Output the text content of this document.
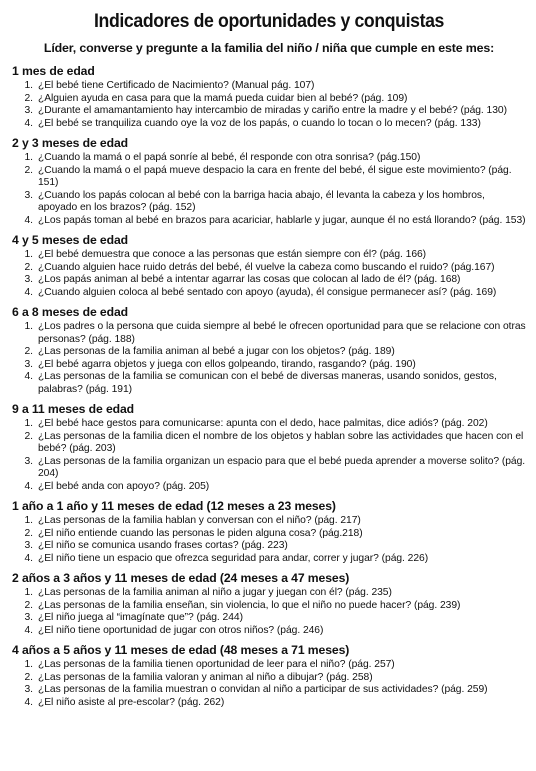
Indicadores de oportunidades y conquistas
Líder, converse y pregunte a la familia del niño / niña que cumple en este mes:
1 mes de edad
1. ¿El bebé tiene Certificado de Nacimiento? (Manual pág. 107)
2. ¿Alguien ayuda en casa para que la mamá pueda cuidar bien al bebé? (pág. 109)
3. ¿Durante el amamantamiento hay intercambio de miradas y cariño entre la madre y el bebé? (pág. 130)
4. ¿El bebé se tranquiliza cuando oye la voz de los papás, o cuando lo tocan o lo mecen? (pág. 133)
2 y 3 meses de edad
1. ¿Cuando la mamá o el papá sonríe al bebé, él responde con otra sonrisa? (pág.150)
2. ¿Cuando la mamá o el papá mueve despacio la cara en frente del bebé, él sigue este movimiento? (pág. 151)
3. ¿Cuando los papás colocan al bebé con la barriga hacia abajo, él levanta la cabeza y los hombros, apoyado en los brazos? (pág. 152)
4. ¿Los papás toman al bebé en brazos para acariciar, hablarle y jugar, aunque él no está llorando? (pág. 153)
4 y 5 meses de edad
1. ¿El bebé demuestra que conoce a las personas que están siempre con él? (pág. 166)
2. ¿Cuando alguien hace ruido detrás del bebé, él vuelve la cabeza como buscando el ruido? (pág.167)
3. ¿Los papás animan al bebé a intentar agarrar las cosas que colocan al lado de él? (pág. 168)
4. ¿Cuando alguien coloca al bebé sentado con apoyo (ayuda), él consigue permanecer así? (pág. 169)
6 a 8 meses de edad
1. ¿Los padres o la persona que cuida siempre al bebé le ofrecen oportunidad para que se relacione con otras personas? (pág. 188)
2. ¿Las personas de la familia animan al bebé a jugar con los objetos? (pág. 189)
3. ¿El bebé agarra objetos y juega con ellos golpeando, tirando, rasgando? (pág. 190)
4. ¿Las personas de la familia se comunican con el bebé de diversas maneras, usando sonidos, gestos, palabras? (pág. 191)
9 a 11 meses de edad
1. ¿El bebé hace gestos para comunicarse: apunta con el dedo, hace palmitas, dice adiós? (pág. 202)
2. ¿Las personas de la familia dicen el nombre de los objetos y hablan sobre las actividades que hacen con el bebé? (pág. 203)
3. ¿Las personas de la familia organizan un espacio para que el bebé pueda aprender a moverse solito? (pág. 204)
4. ¿El bebé anda con apoyo? (pág. 205)
1 año a 1 año y 11 meses de edad (12 meses a 23 meses)
1. ¿Las personas de la familia hablan y conversan con el niño? (pág. 217)
2. ¿El niño entiende cuando las personas le piden alguna cosa? (pág.218)
3. ¿El niño se comunica usando frases cortas? (pág. 223)
4. ¿El niño tiene un espacio que ofrezca seguridad para andar, correr y jugar? (pág. 226)
2 años a 3 años y 11 meses de edad (24 meses a 47 meses)
1. ¿Las personas de la familia animan al niño a jugar y juegan con él? (pág. 235)
2. ¿Las personas de la familia enseñan, sin violencia, lo que el niño no puede hacer? (pág. 239)
3. ¿El niño juega al “imagínate que”? (pág. 244)
4. ¿El niño tiene oportunidad de jugar con otros niños? (pág. 246)
4 años a 5 años y 11 meses de edad (48 meses a 71 meses)
1. ¿Las personas de la familia tienen oportunidad de leer para el niño? (pág. 257)
2. ¿Las personas de la familia valoran y animan al niño a dibujar? (pág. 258)
3. ¿Las personas de la familia muestran o convidan al niño a participar de sus actividades? (pág. 259)
4. ¿El niño asiste al pre-escolar? (pág. 262)
